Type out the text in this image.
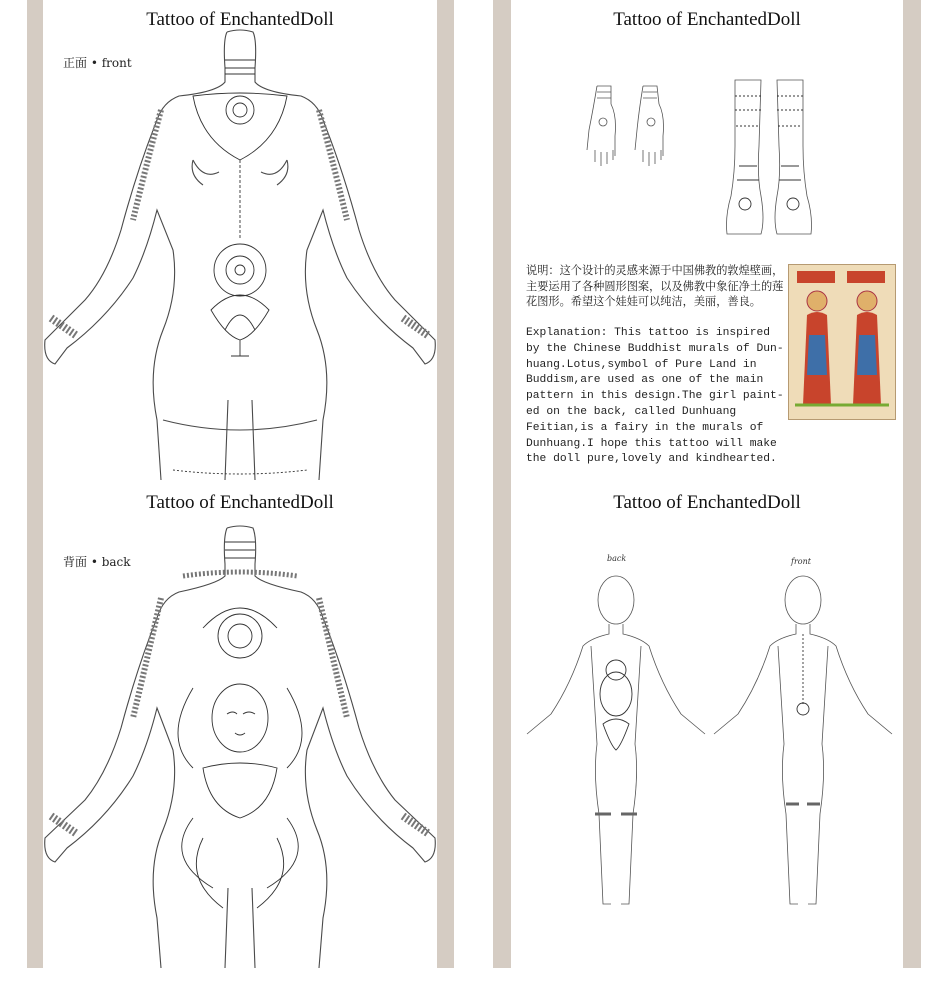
Tattoo of EnchantedDoll
正面 • front
Tattoo of EnchantedDoll
背面 • back
Tattoo of EnchantedDoll
说明：这个设计的灵感来源于中国佛教的敦煌壁画，主要运用了各种圆形图案，以及佛教中象征净土的莲花图形。希望这个娃娃可以纯洁，美丽，善良。
Explanation: This tattoo is inspired
by the Chinese Buddhist murals of Dun-
huang.Lotus,symbol of Pure Land in
Buddism,are used as one of the main
pattern in this design.The girl paint-
ed on the back, called Dunhuang
Feitian,is a fairy in the murals of
Dunhuang.I hope this tattoo will make
the doll pure,lovely and kindhearted.
Tattoo of EnchantedDoll
back	front
